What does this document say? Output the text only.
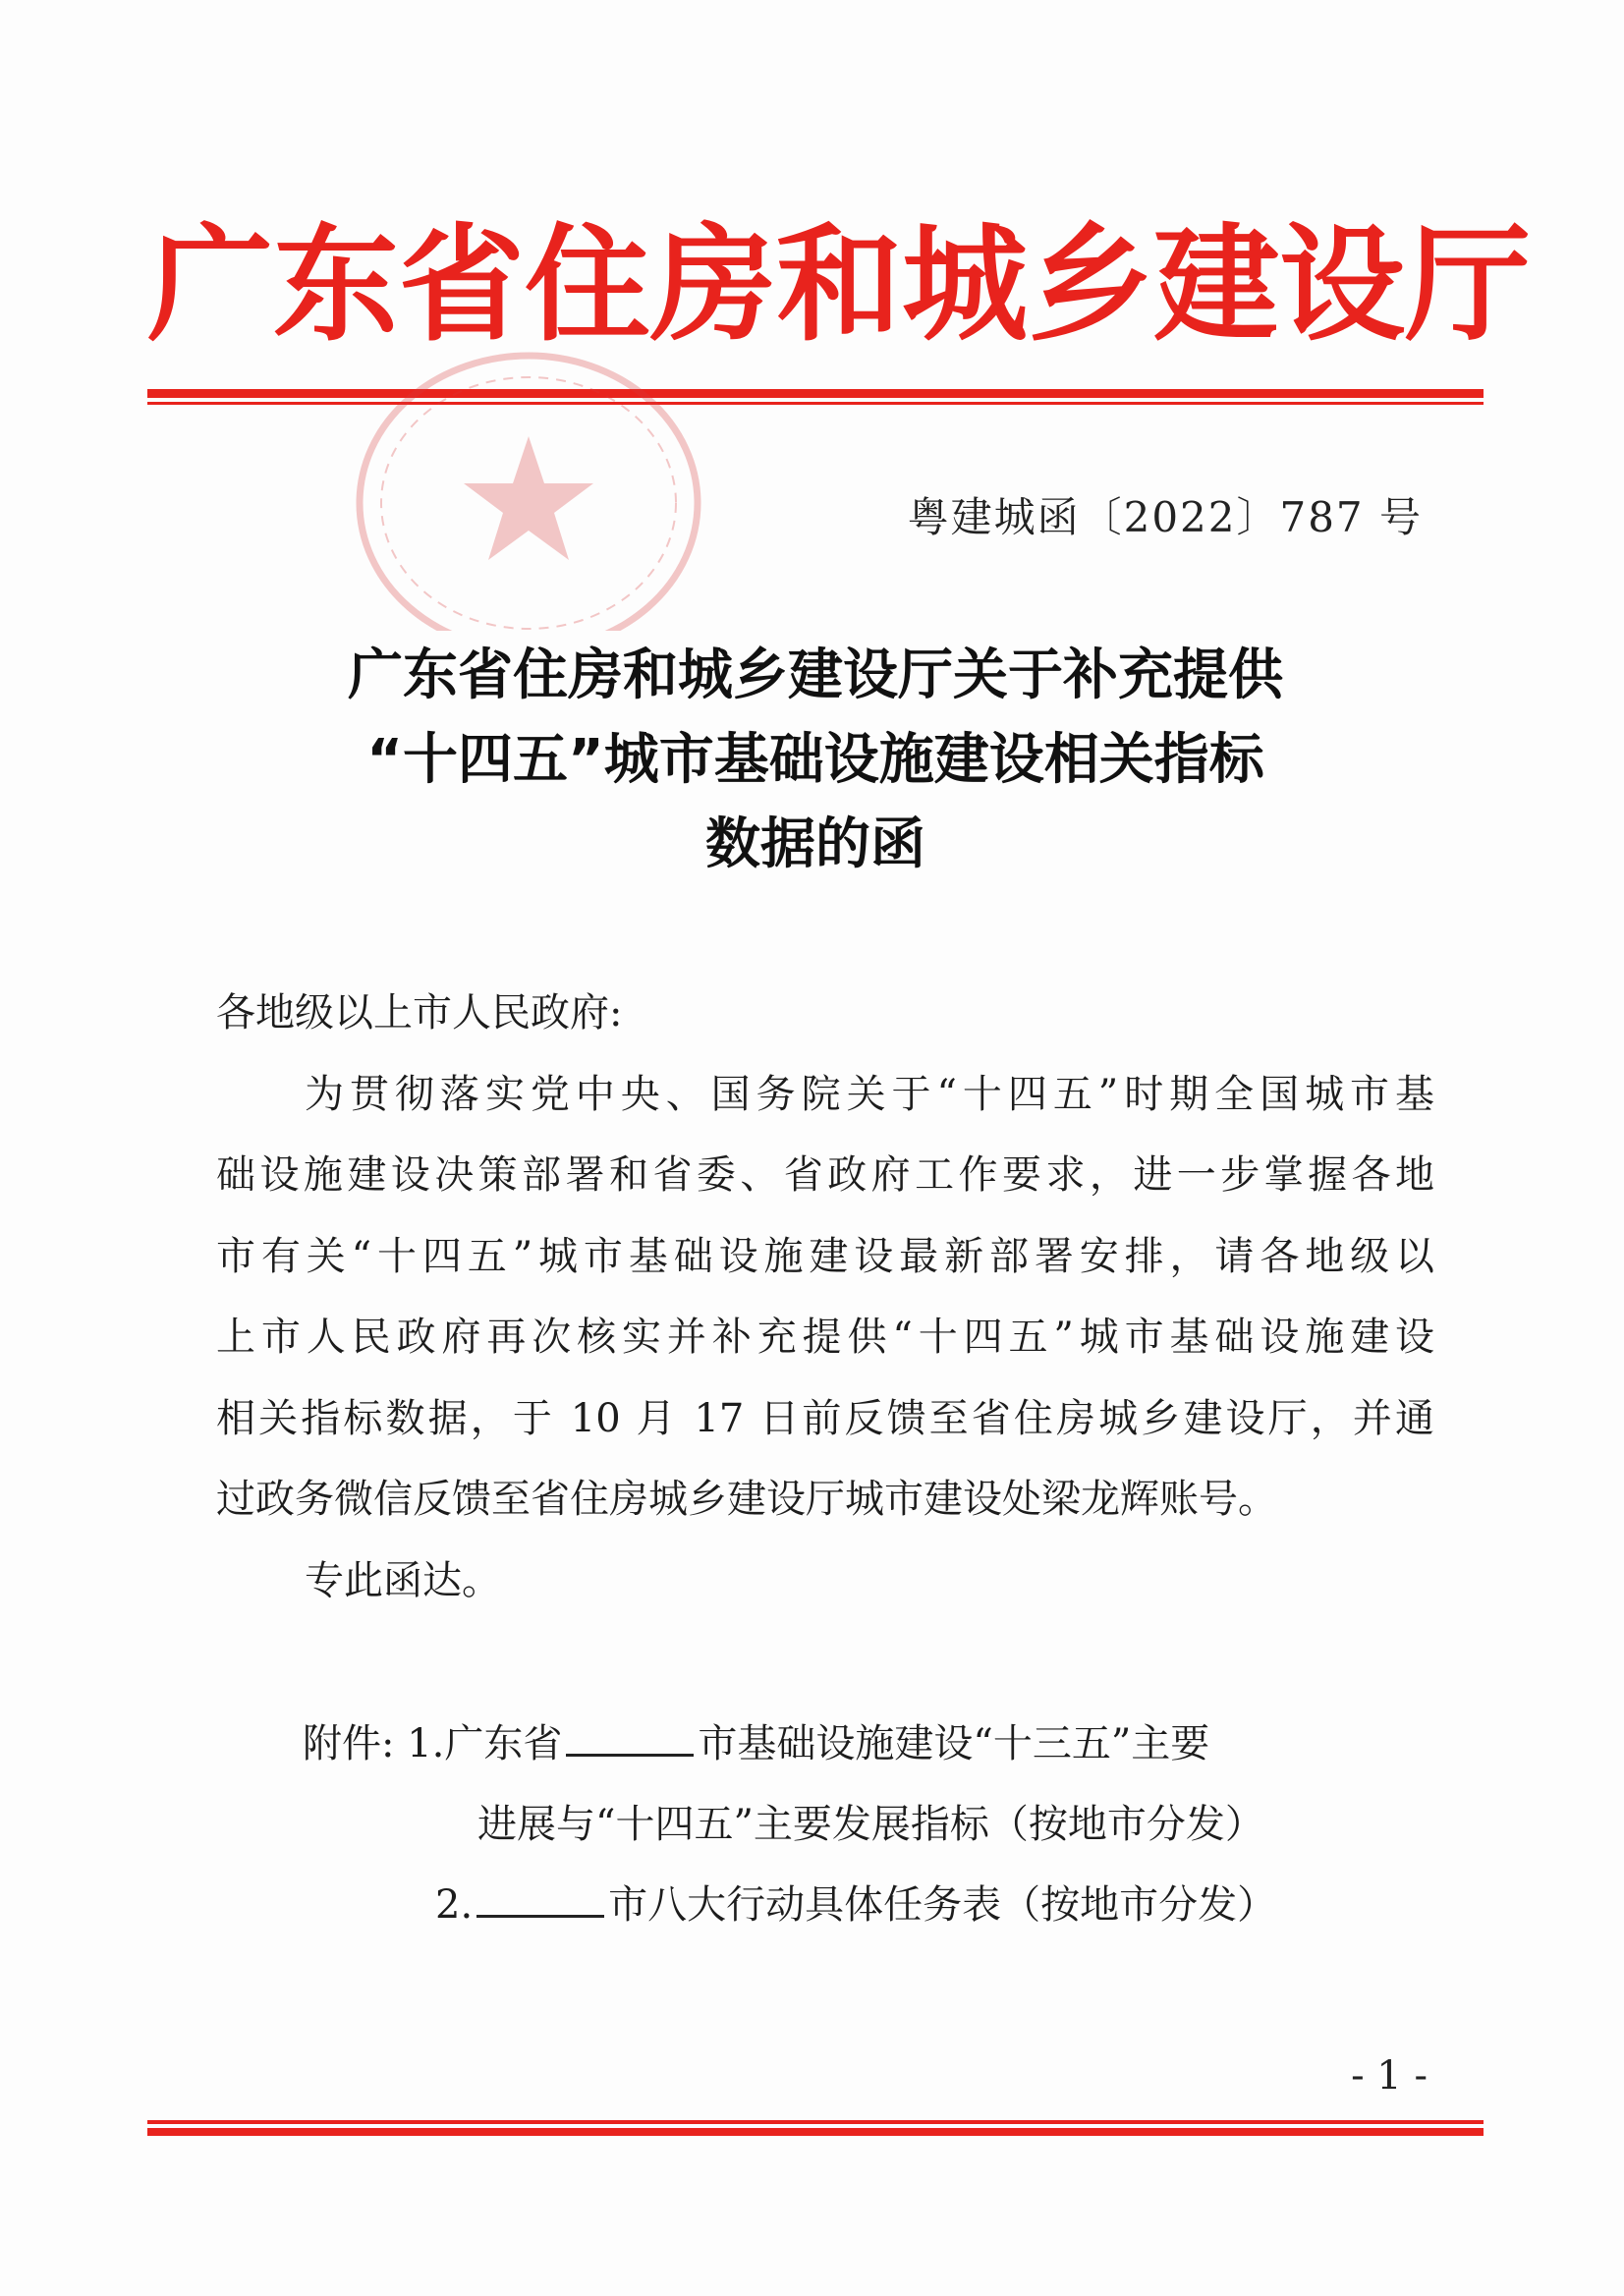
广 东 省 住 房 和 城 乡 建 设 厅
粤建城函〔2022〕787 号
广东省住房和城乡建设厅关于补充提供
“十四五”城市基础设施建设相关指标
数据的函

各地级以上市人民政府:

为贯彻落实党中央、国务院关于“十四五”时期全国城市基

础设施建设决策部署和省委、省政府工作要求，进一步掌握各地

市有关“十四五”城市基础设施建设最新部署安排，请各地级以

上市人民政府再次核实并补充提供“十四五”城市基础设施建设

相关指标数据，于 10 月 17 日前反馈至省住房城乡建设厅，并通

过政务微信反馈至省住房城乡建设厅城市建设处梁龙辉账号。

专此函达。

附件: 1.广东省	市基础设施建设“十三五”主要
进展与“十四五”主要发展指标（按地市分发）
2.	市八大行动具体任务表（按地市分发）
- 1 -
